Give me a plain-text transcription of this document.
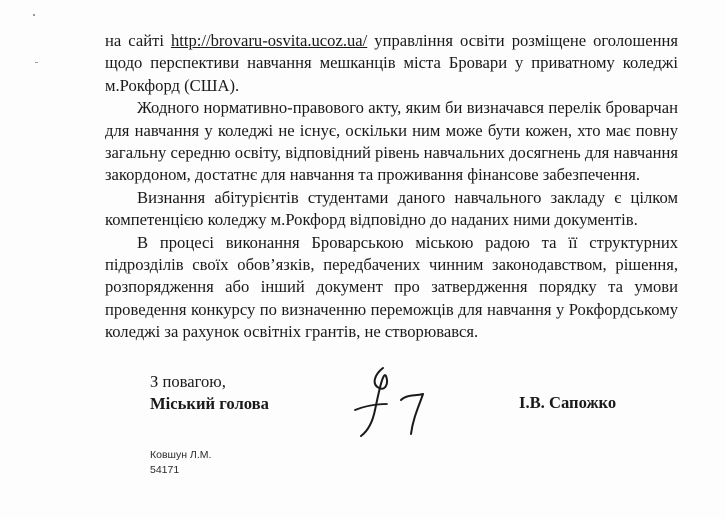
на сайті http://brovaru-osvita.ucoz.ua/ управління освіти розміщене оголошення щодо перспективи навчання мешканців міста Бровари у приватному коледжі м.Рокфорд (США).

Жодного нормативно-правового акту, яким би визначався перелік броварчан для навчання у коледжі не існує, оскільки ним може бути кожен, хто має повну загальну середню освіту, відповідний рівень навчальних досягнень для навчання закордоном, достатнє для навчання та проживання фінансове забезпечення.

Визнання абітурієнтів студентами даного навчального закладу є цілком компетенцією коледжу м.Рокфорд відповідно до наданих ними документів.

В процесі виконання Броварською міською радою та її структурних підрозділів своїх обов’язків, передбачених чинним законодавством, рішення, розпорядження або інший документ про затвердження порядку та умови проведення конкурсу по визначенню переможців для навчання у Рокфордському коледжі за рахунок освітніх грантів, не створювався.

З повагою,
Міський голова	І.В. Сапожко
Ковшун Л.М.
54171
